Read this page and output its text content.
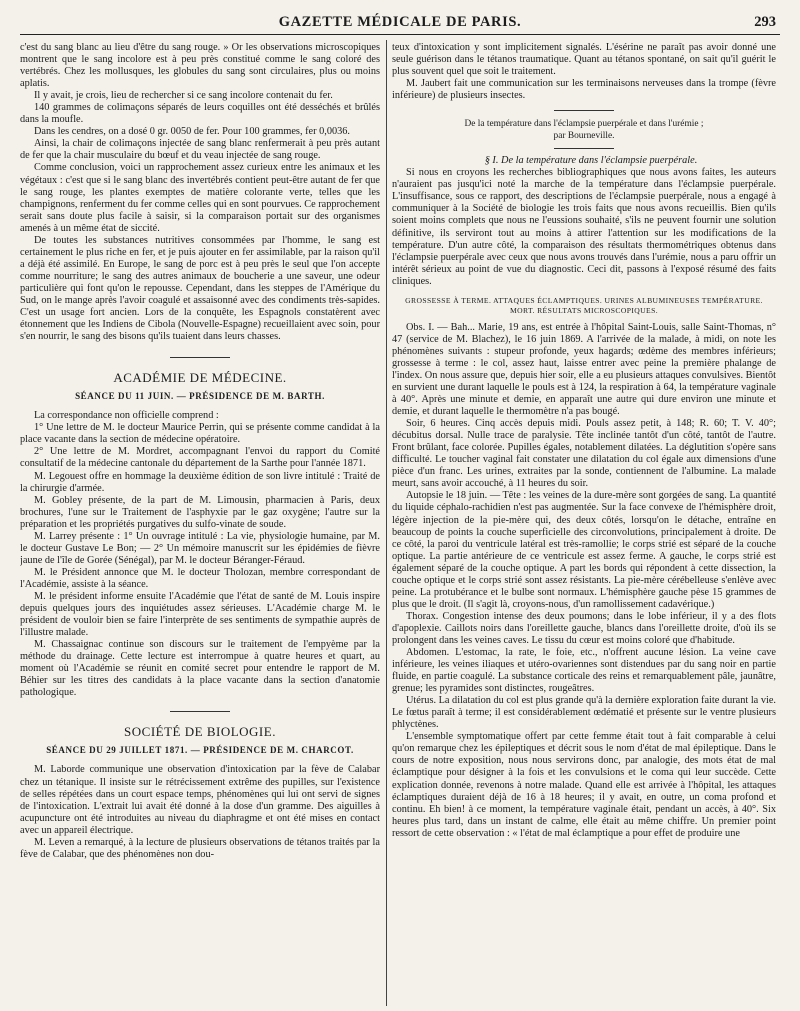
GAZETTE MÉDICALE DE PARIS.	293

c'est du sang blanc au lieu d'être du sang rouge. » Or les observations microscopiques montrent que le sang incolore est à peu près constitué comme le sang coloré des vertébrés. Chez les mollusques, les globules du sang sont circulaires, plus ou moins aplatis.

Il y avait, je crois, lieu de rechercher si ce sang incolore contenait du fer.

140 grammes de colimaçons séparés de leurs coquilles ont été desséchés et brûlés dans la moufle.

Dans les cendres, on a dosé 0 gr. 0050 de fer. Pour 100 grammes, fer 0,0036.

Ainsi, la chair de colimaçons injectée de sang blanc renfermerait à peu près autant de fer que la chair musculaire du bœuf et du veau injectée de sang rouge.

Comme conclusion, voici un rapprochement assez curieux entre les animaux et les végétaux : c'est que si le sang blanc des invertébrés contient peut-être autant de fer que le sang rouge, les plantes exemptes de matière colorante verte, telles que les champignons, renferment du fer comme celles qui en sont pourvues. Ce rapprochement serait sans doute plus facile à saisir, si la comparaison portait sur des organismes amenés à un même état de siccité.

De toutes les substances nutritives consommées par l'homme, le sang est certainement le plus riche en fer, et je puis ajouter en fer assimilable, par la raison qu'il a déjà été assimilé. En Europe, le sang de porc est à peu près le seul que l'on accepte comme nourriture; le sang des autres animaux de boucherie a une saveur, une odeur particulière qui font qu'on le repousse. Cependant, dans les steppes de l'Amérique du Sud, on le mange après l'avoir coagulé et assaisonné avec des condiments très-sapides. C'est un usage fort ancien. Lors de la conquête, les Espagnols constatèrent avec étonnement que les Indiens de Cibola (Nouvelle-Espagne) recueillaient avec soin, pour s'en nourrir, le sang des bisons qu'ils tuaient dans leurs chasses.

ACADÉMIE DE MÉDECINE.
SÉANCE DU 11 JUIN. — PRÉSIDENCE DE M. BARTH.

La correspondance non officielle comprend :

1° Une lettre de M. le docteur Maurice Perrin, qui se présente comme candidat à la place vacante dans la section de médecine opératoire.

2° Une lettre de M. Mordret, accompagnant l'envoi du rapport du Comité consultatif de la médecine cantonale du département de la Sarthe pour l'année 1871.

M. Legouest offre en hommage la deuxième édition de son livre intitulé : Traité de la chirurgie d'armée.

M. Gobley présente, de la part de M. Limousin, pharmacien à Paris, deux brochures, l'une sur le Traitement de l'asphyxie par le gaz oxygène; l'autre sur la préparation et les propriétés purgatives du sulfo-vinate de soude.

M. Larrey présente : 1° Un ouvrage intitulé : La vie, physiologie humaine, par M. le docteur Gustave Le Bon; — 2° Un mémoire manuscrit sur les épidémies de fièvre jaune de l'île de Gorée (Sénégal), par M. le docteur Béranger-Féraud.

M. le Président annonce que M. le docteur Tholozan, membre correspondant de l'Académie, assiste à la séance.

M. le président informe ensuite l'Académie que l'état de santé de M. Louis inspire depuis quelques jours des inquiétudes assez sérieuses. L'Académie charge M. le président de vouloir bien se faire l'interprète de ses sentiments de sympathie auprès de l'illustre malade.

M. Chassaignac continue son discours sur le traitement de l'empyème par la méthode du drainage. Cette lecture est interrompue à quatre heures et quart, au moment où l'Académie se réunit en comité secret pour entendre le rapport de M. Béhier sur les titres des candidats à la place vacante dans la section d'anatomie pathologique.

SOCIÉTÉ DE BIOLOGIE.
SÉANCE DU 29 JUILLET 1871. — PRÉSIDENCE DE M. CHARCOT.

M. Laborde communique une observation d'intoxication par la fève de Calabar chez un tétanique. Il insiste sur le rétrécissement extrême des pupilles, sur l'existence de selles répétées dans un court espace temps, phénomènes qui lui ont servi de signes de l'intoxication. L'extrait lui avait été donné à la dose d'un gramme. Des aiguilles à acupuncture ont été introduites au niveau du diaphragme et ont été mises en contact avec un appareil électrique.

M. Leven a remarqué, à la lecture de plusieurs observations de tétanos traités par la fève de Calabar, que des phénomènes non dou-

teux d'intoxication y sont implicitement signalés. L'ésérine ne paraît pas avoir donné une seule guérison dans le tétanos traumatique. Quant au tétanos spontané, on sait qu'il guérit le plus souvent quel que soit le traitement.

M. Jaubert fait une communication sur les terminaisons nerveuses dans la trompe (fèvre inférieure) de plusieurs insectes.

De la température dans l'éclampsie puerpérale et dans l'urémie ;
par Bourneville.

§ I. De la température dans l'éclampsie puerpérale.

Si nous en croyons les recherches bibliographiques que nous avons faites, les auteurs n'auraient pas jusqu'ici noté la marche de la température dans l'éclampsie puerpérale. L'insuffisance, sous ce rapport, des descriptions de l'éclampsie puerpérale, nous a engagé à communiquer à la Société de biologie les trois faits que nous avons recueillis. Bien qu'ils soient moins complets que nous ne l'eussions souhaité, s'ils ne peuvent fournir une solution définitive, ils serviront tout au moins à attirer l'attention sur les modifications de la température. D'un autre côté, la comparaison des résultats thermométriques obtenus dans l'éclampsie puerpérale avec ceux que nous avons trouvés dans l'urémie, nous a paru offrir un intérêt sérieux au point de vue du diagnostic. Ceci dit, passons à l'exposé résumé des faits cliniques.

GROSSESSE À TERME. ATTAQUES ÉCLAMPTIQUES. URINES ALBUMINEUSES TEMPÉRATURE. MORT. RÉSULTATS MICROSCOPIQUES.

Obs. I. — Bah... Marie, 19 ans, est entrée à l'hôpital Saint-Louis, salle Saint-Thomas, n° 47 (service de M. Blachez), le 16 juin 1869. A l'arrivée de la malade, à midi, on note les phénomènes suivants : stupeur profonde, yeux hagards; œdème des membres inférieurs; grossesse à terme : le col, assez haut, laisse entrer avec peine la première phalange de l'index. On nous assure que, depuis hier soir, elle a eu plusieurs attaques convulsives. Bientôt en survient une durant laquelle le pouls est à 124, la respiration à 64, la température vaginale à 40°. Après une minute et demie, en apparaît une autre qui dure environ une minute et demie, et durant laquelle le thermomètre n'a pas bougé.

Soir, 6 heures. Cinq accès depuis midi. Pouls assez petit, à 148; R. 60; T. V. 40°; décubitus dorsal. Nulle trace de paralysie. Tête inclinée tantôt d'un côté, tantôt de l'autre. Front brûlant, face colorée. Pupilles égales, notablement dilatées. La déglutition s'opère sans difficulté. Le toucher vaginal fait constater une dilatation du col égale aux dimensions d'une pièce d'un franc. Les urines, extraites par la sonde, contiennent de l'albumine. La malade meurt, sans avoir accouché, à 11 heures du soir.

Autopsie le 18 juin. — Tête : les veines de la dure-mère sont gorgées de sang. La quantité du liquide céphalo-rachidien n'est pas augmentée. Sur la face convexe de l'hémisphère droit, légère injection de la pie-mère qui, des deux côtés, lorsqu'on le détache, entraîne en beaucoup de points la couche superficielle des circonvolutions, principalement à droite. De ce côté, la paroi du ventricule latéral est très-ramollie; le corps strié est séparé de la couche optique. La partie antérieure de ce ventricule est assez ferme. A gauche, le corps strié est également séparé de la couche optique. A part les bords qui répondent à cette dissection, la couche optique et le corps strié sont assez résistants. La pie-mère cérébelleuse s'enlève avec peine. La protubérance et le bulbe sont normaux. L'hémisphère gauche pèse 15 grammes de plus que le droit. (Il s'agit là, croyons-nous, d'un ramollissement cadavérique.)

Thorax. Congestion intense des deux poumons; dans le lobe inférieur, il y a des flots d'apoplexie. Caillots noirs dans l'oreillette gauche, blancs dans l'oreillette droite, d'où ils se prolongent dans les veines caves. Le tissu du cœur est moins coloré que d'habitude.

Abdomen. L'estomac, la rate, le foie, etc., n'offrent aucune lésion. La veine cave inférieure, les veines iliaques et utéro-ovariennes sont distendues par du sang noir en partie fluide, en partie coagulé. La substance corticale des reins et remarquablement pâle, jaunâtre, grenue; les pyramides sont distinctes, rougeâtres.

Utérus. La dilatation du col est plus grande qu'à la dernière exploration faite durant la vie. Le fœtus paraît à terme; il est considérablement œdématié et présente sur le ventre plusieurs phlyctènes.

L'ensemble symptomatique offert par cette femme était tout à fait comparable à celui qu'on remarque chez les épileptiques et décrit sous le nom d'état de mal épileptique. Dans le cours de notre exposition, nous nous servirons donc, par analogie, des mots état de mal éclamptique pour désigner à la fois et les convulsions et le coma qui leur succède. Cette explication donnée, revenons à notre malade. Quand elle est arrivée à l'hôpital, les attaques éclamptiques duraient déjà de 16 à 18 heures; il y avait, en outre, un coma profond et continu. Eh bien! à ce moment, la température vaginale était, pendant un accès, à 40°. Six heures plus tard, dans un instant de calme, elle était au même chiffre. Un premier point ressort de cette observation : « l'état de mal éclamptique a pour effet de produire une
